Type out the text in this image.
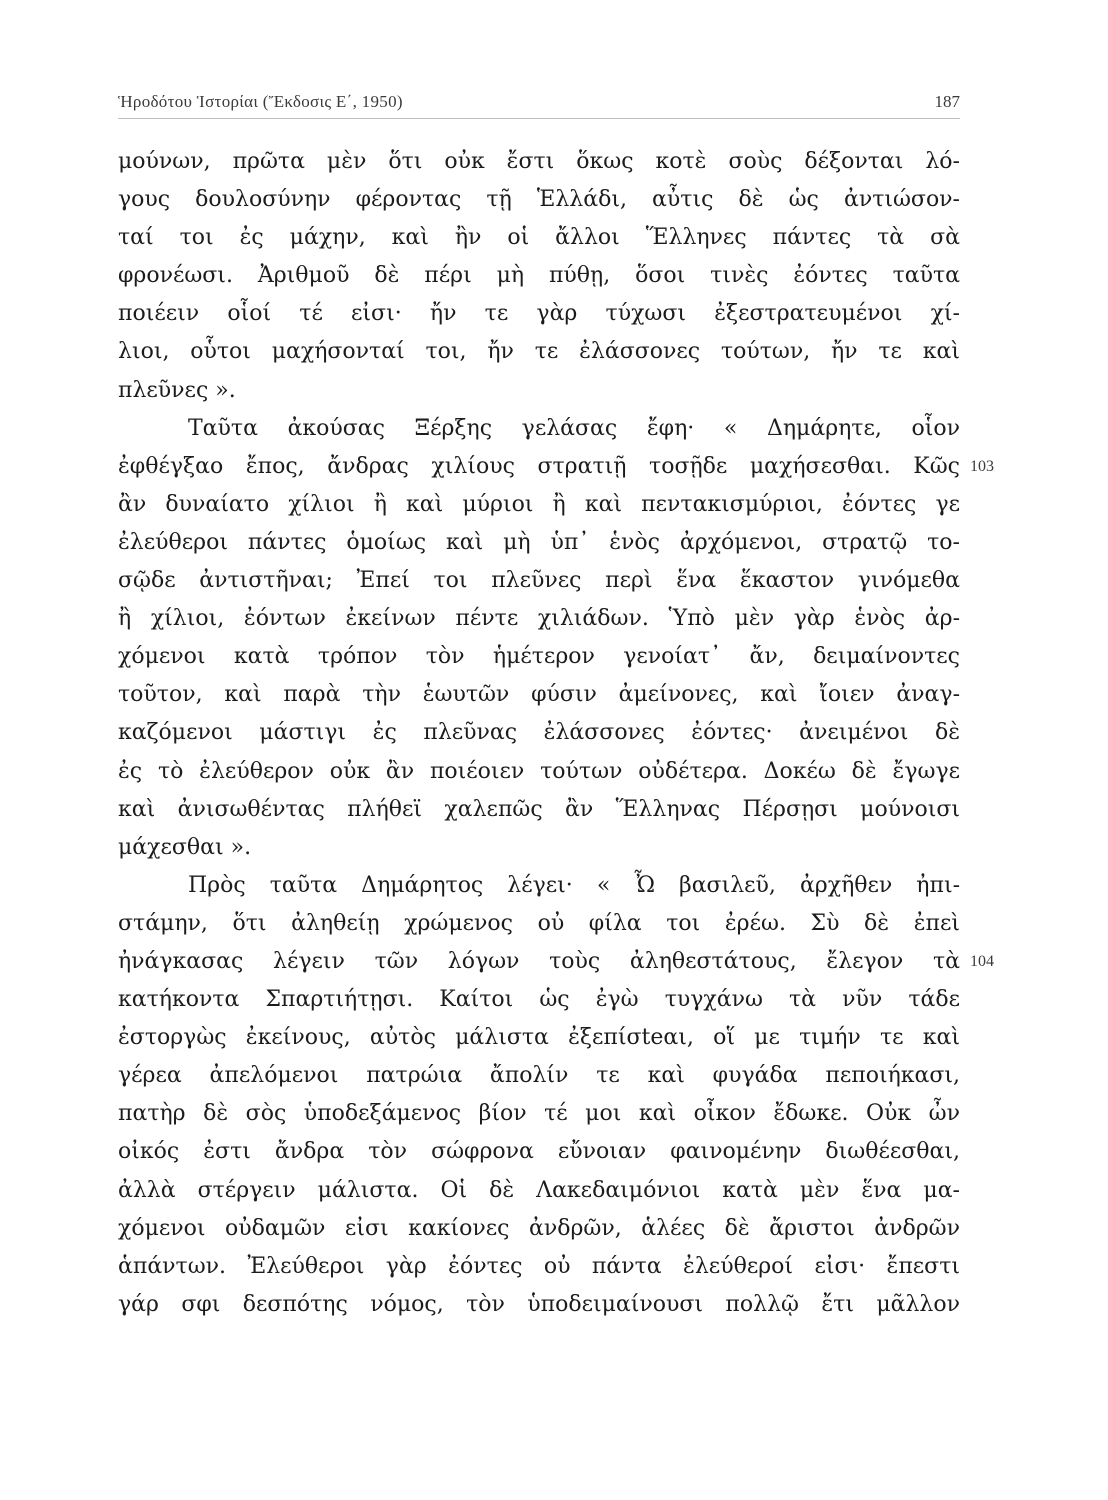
Ἡροδότου Ἱστορίαι (Ἔκδοσις Ε΄, 1950)	187
103
104
μούνων, πρῶτα μὲν ὅτι οὐκ ἔστι ὅκως κοτὲ σοὺς δέξονται λό-
γους δουλοσύνην φέροντας τῇ Ἑλλάδι, αὖτις δὲ ὡς ἀντιώσον-
ταί τοι ἐς μάχην, καὶ ἢν οἱ ἄλλοι Ἕλληνες πάντες τὰ σὰ
φρονέωσι. Ἀριθμοῦ δὲ πέρι μὴ πύθῃ, ὅσοι τινὲς ἐόντες ταῦτα
ποιέειν οἷοί τέ εἰσι· ἤν τε γὰρ τύχωσι ἐξεστρατευμένοι χί-
λιοι, οὗτοι μαχήσονταί τοι, ἤν τε ἐλάσσονες τούτων, ἤν τε καὶ
πλεῦνες ».
Ταῦτα ἀκούσας Ξέρξης γελάσας ἔφη· « Δημάρητε, οἷον
ἐφθέγξαο ἔπος, ἄνδρας χιλίους στρατιῇ τοσῇδε μαχήσεσθαι. Κῶς
ἂν δυναίατο χίλιοι ἢ καὶ μύριοι ἢ καὶ πεντακισμύριοι, ἐόντες γε
ἐλεύθεροι πάντες ὁμοίως καὶ μὴ ὑπ᾽ ἑνὸς ἀρχόμενοι, στρατῷ το-
σῷδε ἀντιστῆναι; Ἐπεί τοι πλεῦνες περὶ ἕνα ἕκαστον γινόμεθα
ἢ χίλιοι, ἐόντων ἐκείνων πέντε χιλιάδων. Ὑπὸ μὲν γὰρ ἑνὸς ἀρ-
χόμενοι κατὰ τρόπον τὸν ἡμέτερον γενοίατ᾽ ἄν, δειμαίνοντες
τοῦτον, καὶ παρὰ τὴν ἑωυτῶν φύσιν ἀμείνονες, καὶ ἴοιεν ἀναγ-
καζόμενοι μάστιγι ἐς πλεῦνας ἐλάσσονες ἐόντες· ἀνειμένοι δὲ
ἐς τὸ ἐλεύθερον οὐκ ἂν ποιέοιεν τούτων οὐδέτερα. Δοκέω δὲ ἔγωγε
καὶ ἀνισωθέντας πλήθεϊ χαλεπῶς ἂν Ἕλληνας Πέρσῃσι μούνοισι
μάχεσθαι ».
Πρὸς ταῦτα Δημάρητος λέγει· « Ὦ βασιλεῦ, ἀρχῆθεν ἠπι-
στάμην, ὅτι ἀληθείῃ χρώμενος οὐ φίλα τοι ἐρέω. Σὺ δὲ ἐπεὶ
ἠνάγκασας λέγειν τῶν λόγων τοὺς ἀληθεστάτους, ἔλεγον τὰ
κατήκοντα Σπαρτιήτῃσι. Καίτοι ὡς ἐγὼ τυγχάνω τὰ νῦν τάδε
ἐστοργὼς ἐκείνους, αὐτὸς μάλιστα ἐξεπίσteαι, οἵ με τιμήν τε καὶ
γέρεα ἀπελόμενοι πατρώια ἄπολίν τε καὶ φυγάδα πεποιήκασι,
πατὴρ δὲ σὸς ὑποδεξάμενος βίον τέ μοι καὶ οἶκον ἔδωκε. Οὐκ ὦν
οἰκός ἐστι ἄνδρα τὸν σώφρονα εὔνοιαν φαινομένην διωθέεσθαι,
ἀλλὰ στέργειν μάλιστα. Οἱ δὲ Λακεδαιμόνιοι κατὰ μὲν ἕνα μα-
χόμενοι οὐδαμῶν εἰσι κακίονες ἀνδρῶν, ἁλέες δὲ ἄριστοι ἀνδρῶν
ἁπάντων. Ἐλεύθεροι γὰρ ἐόντες οὐ πάντα ἐλεύθεροί εἰσι· ἔπεστι
γάρ σφι δεσπότης νόμος, τὸν ὑποδειμαίνουσι πολλῷ ἔτι μᾶλλον
